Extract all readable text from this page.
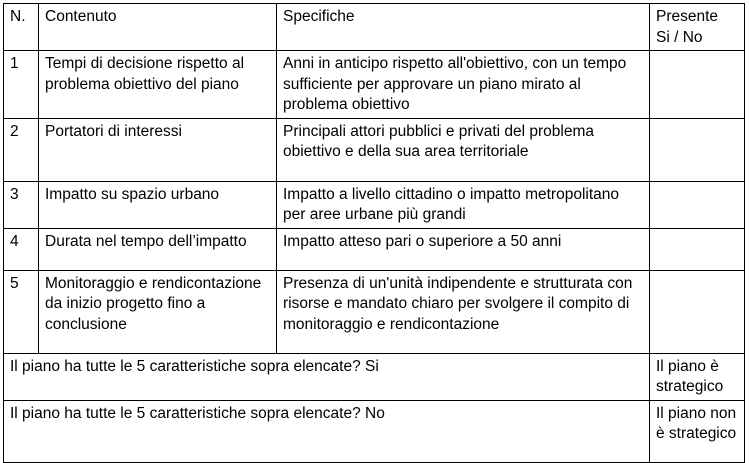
N.	Contenuto	Specifiche	Presente
Si / No
1	Tempi di decisione rispetto al problema obiettivo del piano	Anni in anticipo rispetto all'obiettivo, con un tempo sufficiente per approvare un piano mirato al problema obiettivo	
2	Portatori di interessi	Principali attori pubblici e privati del problema obiettivo e della sua area territoriale	
3	Impatto su spazio urbano	Impatto a livello cittadino o impatto metropolitano per aree urbane più grandi	
4	Durata nel tempo dell’impatto	Impatto atteso pari o superiore a 50 anni	
5	Monitoraggio e rendicontazione da inizio progetto fino a conclusione	Presenza di un'unità indipendente e strutturata con risorse e mandato chiaro per svolgere il compito di monitoraggio e rendicontazione	
Il piano ha tutte le 5 caratteristiche sopra elencate? Si			Il piano è strategico
Il piano ha tutte le 5 caratteristiche sopra elencate? No			Il piano non è strategico
